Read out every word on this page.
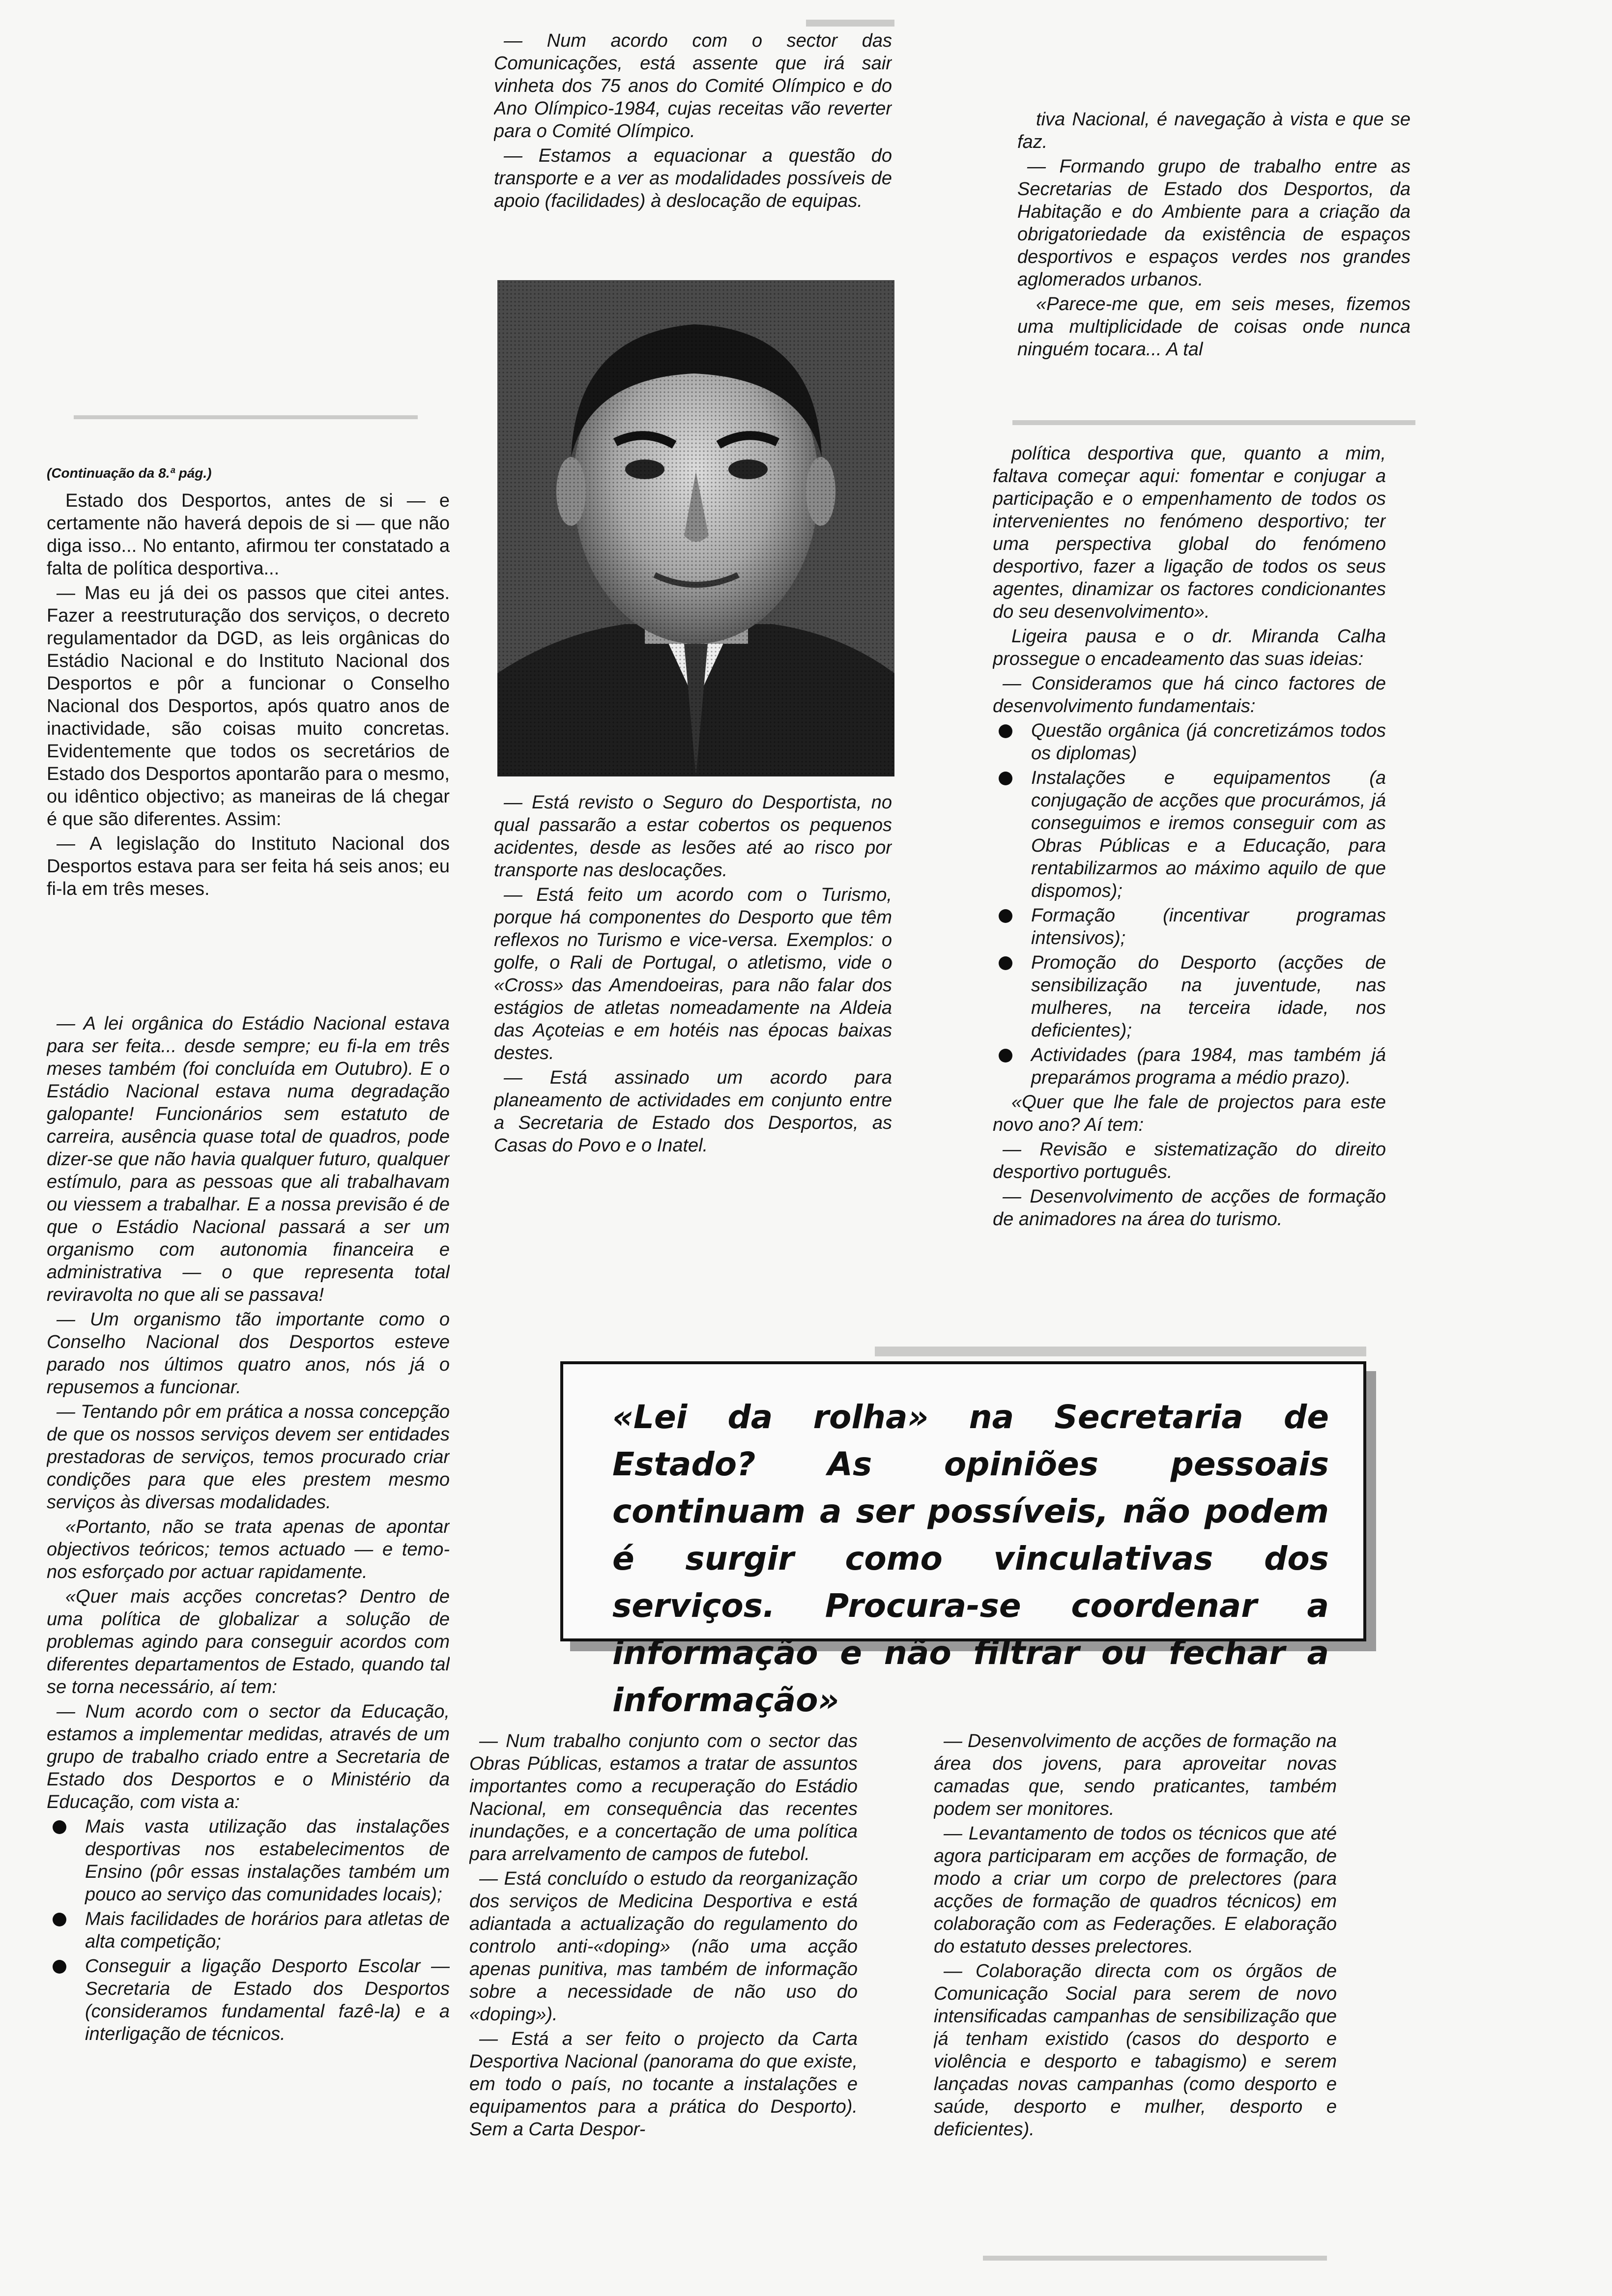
— Num acordo com o sector das Comunicações, está assente que irá sair vinheta dos 75 anos do Comité Olímpico e do Ano Olímpico-1984, cujas receitas vão reverter para o Comité Olímpico.

— Estamos a equacionar a questão do transporte e a ver as modalidades possíveis de apoio (facilidades) à deslocação de equipas.

— Está revisto o Seguro do Desportista, no qual passarão a estar cobertos os pequenos acidentes, desde as lesões até ao risco por transporte nas deslocações.

— Está feito um acordo com o Turismo, porque há componentes do Desporto que têm reflexos no Turismo e vice-versa. Exemplos: o golfe, o Rali de Portugal, o atletismo, vide o «Cross» das Amendoeiras, para não falar dos estágios de atletas nomeadamente na Aldeia das Açoteias e em hotéis nas épocas baixas destes.

— Está assinado um acordo para planeamento de actividades em conjunto entre a Secretaria de Estado dos Desportos, as Casas do Povo e o Inatel.

(Continuação da 8.ª pág.)

Estado dos Desportos, antes de si — e certamente não haverá depois de si — que não diga isso... No entanto, afirmou ter constatado a falta de política desportiva...

— Mas eu já dei os passos que citei antes. Fazer a reestruturação dos serviços, o decreto regulamentador da DGD, as leis orgânicas do Estádio Nacional e do Instituto Nacional dos Desportos e pôr a funcionar o Conselho Nacional dos Desportos, após quatro anos de inactividade, são coisas muito concretas. Evidentemente que todos os secretários de Estado dos Desportos apontarão para o mesmo, ou idêntico objectivo; as maneiras de lá chegar é que são diferentes. Assim:

— A legislação do Instituto Nacional dos Desportos estava para ser feita há seis anos; eu fi-la em três meses.

— A lei orgânica do Estádio Nacional estava para ser feita... desde sempre; eu fi-la em três meses também (foi concluída em Outubro). E o Estádio Nacional estava numa degradação galopante! Funcionários sem estatuto de carreira, ausência quase total de quadros, pode dizer-se que não havia qualquer futuro, qualquer estímulo, para as pessoas que ali trabalhavam ou viessem a trabalhar. E a nossa previsão é de que o Estádio Nacional passará a ser um organismo com autonomia financeira e administrativa — o que representa total reviravolta no que ali se passava!

— Um organismo tão importante como o Conselho Nacional dos Desportos esteve parado nos últimos quatro anos, nós já o repusemos a funcionar.

— Tentando pôr em prática a nossa concepção de que os nossos serviços devem ser entidades prestadoras de serviços, temos procurado criar condições para que eles prestem mesmo serviços às diversas modalidades.

«Portanto, não se trata apenas de apontar objectivos teóricos; temos actuado — e temo-nos esforçado por actuar rapidamente.

«Quer mais acções concretas? Dentro de uma política de globalizar a solução de problemas agindo para conseguir acordos com diferentes departamentos de Estado, quando tal se torna necessário, aí tem:

— Num acordo com o sector da Educação, estamos a implementar medidas, através de um grupo de trabalho criado entre a Secretaria de Estado dos Desportos e o Ministério da Educação, com vista a:

Mais vasta utilização das instalações desportivas nos estabelecimentos de Ensino (pôr essas instalações também um pouco ao serviço das comunidades locais);

Mais facilidades de horários para atletas de alta competição;

Conseguir a ligação Desporto Escolar — Secretaria de Estado dos Desportos (consideramos fundamental fazê-la) e a interligação de técnicos.

tiva Nacional, é navegação à vista e que se faz.

— Formando grupo de trabalho entre as Secretarias de Estado dos Desportos, da Habitação e do Ambiente para a criação da obrigatoriedade da existência de espaços desportivos e espaços verdes nos grandes aglomerados urbanos.

«Parece-me que, em seis meses, fizemos uma multiplicidade de coisas onde nunca ninguém tocara... A tal

política desportiva que, quanto a mim, faltava começar aqui: fomentar e conjugar a participação e o empenhamento de todos os intervenientes no fenómeno desportivo; ter uma perspectiva global do fenómeno desportivo, fazer a ligação de todos os seus agentes, dinamizar os factores condicionantes do seu desenvolvimento».

Ligeira pausa e o dr. Miranda Calha prossegue o encadeamento das suas ideias:

— Consideramos que há cinco factores de desenvolvimento fundamentais:

Questão orgânica (já concretizámos todos os diplomas)

Instalações e equipamentos (a conjugação de acções que procurámos, já conseguimos e iremos conseguir com as Obras Públicas e a Educação, para rentabilizarmos ao máximo aquilo de que dispomos);

Formação (incentivar programas intensivos);

Promoção do Desporto (acções de sensibilização na juventude, nas mulheres, na terceira idade, nos deficientes);

Actividades (para 1984, mas também já preparámos programa a médio prazo).

«Quer que lhe fale de projectos para este novo ano? Aí tem:

— Revisão e sistematização do direito desportivo português.

— Desenvolvimento de acções de formação de animadores na área do turismo.

«Lei da rolha» na Secretaria de Estado? As opiniões pessoais continuam a ser possíveis, não podem é surgir como vinculativas dos serviços. Procura-se coordenar a informação e não filtrar ou fechar a informação»

— Num trabalho conjunto com o sector das Obras Públicas, estamos a tratar de assuntos importantes como a recuperação do Estádio Nacional, em consequência das recentes inundações, e a concertação de uma política para arrelvamento de campos de futebol.

— Está concluído o estudo da reorganização dos serviços de Medicina Desportiva e está adiantada a actualização do regulamento do controlo anti-«doping» (não uma acção apenas punitiva, mas também de informação sobre a necessidade de não uso do «doping»).

— Está a ser feito o projecto da Carta Desportiva Nacional (panorama do que existe, em todo o país, no tocante a instalações e equipamentos para a prática do Desporto). Sem a Carta Despor-

— Desenvolvimento de acções de formação na área dos jovens, para aproveitar novas camadas que, sendo praticantes, também podem ser monitores.

— Levantamento de todos os técnicos que até agora participaram em acções de formação, de modo a criar um corpo de prelectores (para acções de formação de quadros técnicos) em colaboração com as Federações. E elaboração do estatuto desses prelectores.

— Colaboração directa com os órgãos de Comunicação Social para serem de novo intensificadas campanhas de sensibilização que já tenham existido (casos do desporto e violência e desporto e tabagismo) e serem lançadas novas campanhas (como desporto e saúde, desporto e mulher, desporto e deficientes).
